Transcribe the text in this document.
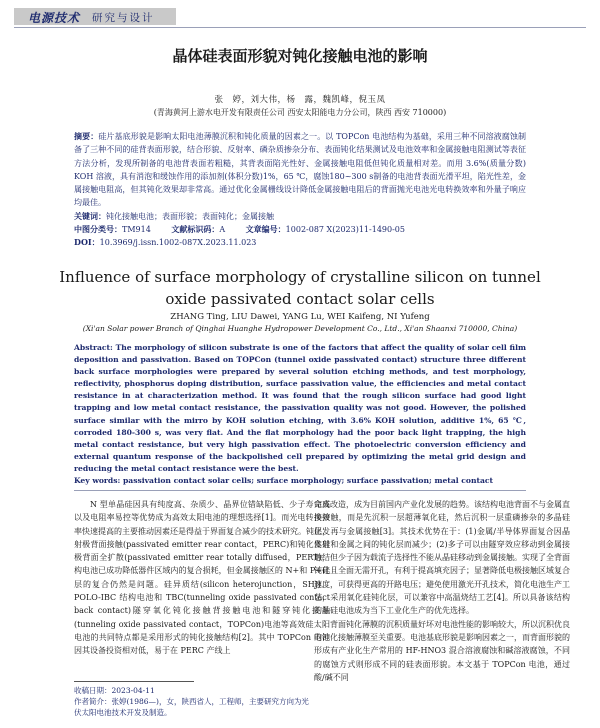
电源技术 研究与设计
晶体硅表面形貌对钝化接触电池的影响
张　婷，刘大伟，杨　露，魏凯峰，倪玉凤
(青海黄河上游水电开发有限责任公司 西安太阳能电力分公司，陕西 西安 710000)

摘要：硅片基底形貌是影响太阳电池薄膜沉积和钝化质量的因素之一。以 TOPCon 电池结构为基础，采用三种不同溶液腐蚀制备了三种不同的硅背表面形貌，结合形貌、反射率、磷杂质掺杂分布、表面钝化结果测试及电池效率和金属接触电阻测试等表征方法分析，发现所制备的电池背表面若粗糙，其背表面陷光性好、金属接触电阻低但钝化质量相对差。而用 3.6%(质量分数) KOH 溶液，具有消泡和缓蚀作用的添加剂(体积分数)1%，65 ℃，腐蚀180~300 s制备的电池背表面光滑平坦，陷光性差，金属接触电阻高，但其钝化效果却非常高。通过优化金属栅线设计降低金属接触电阻后的背面抛光电池光电转换效率和外量子响应均最佳。

关键词：钝化接触电池；表面形貌；表面钝化；金属接触

中图分类号：TM914	文献标识码：A	文章编号：1002-087 X(2023)11-1490-05

DOI：10.3969/j.issn.1002-087X.2023.11.023

Influence of surface morphology of crystalline silicon on tunnel oxide passivated contact solar cells
ZHANG Ting, LIU Dawei, YANG Lu, WEI Kaifeng, NI Yufeng
(Xi'an Solar power Branch of Qinghai Huanghe Hydropower Development Co., Ltd., Xi'an Shaanxi 710000, China)

Abstract: The morphology of silicon substrate is one of the factors that affect the quality of solar cell film deposition and passivation. Based on TOPCon (tunnel oxide passivated contact) structure three different back surface morphologies were prepared by several solution etching methods, and test morphology, reflectivity, phosphorus doping distribution, surface passivation value, the efficiencies and metal contact resistance in at characterization method. It was found that the rough silicon surface had good light trapping and low metal contact resistance, the passivation quality was not good. However, the polished surface similar with the mirro by KOH solution etching, with 3.6% KOH solution, additive 1%, 65 ℃, corroded 180-300 s, was very flat. And the flat morphology had the poor back light trapping, the high metal contact resistance, but very high passivation effect. The photoelectric conversion efficiency and external quantum response of the backpolished cell prepared by optimizing the metal grid design and reducing the metal contact resistance were the best.

Key words: passivation contact solar cells; surface morphology; surface passivation; metal contact

N 型单晶硅因具有纯度高、杂质少、晶界位错缺陷低、少子寿命高以及电阻率易控等优势成为高效太阳电池的理想选择[1]。而光电转换效率快速提高的主要推动因素还是得益于界面复合减少的技术研究。钝化发射极背面接触(passivated emitter rear contact，PERC)和钝化发射极背面全扩散(passivated emitter rear totally diffused，PERT)结构电池已成功降低器件区域内的复合损耗，但金属接触区的 N+和 P+硅层的复合仍然是问题。硅异质结(silicon heterojunction，SHJ)、POLO-IBC 结构电池和 TBC(tunneling oxide passivated contact back contact)隧穿氧化钝化接触背接触电池和隧穿钝化接触(tunneling oxide passivated contact，TOPCon)电池等高效硅太阳电池的共同特点都是采用形式的钝化接触结构[2]。其中 TOPCon 电池因其设备投资相对低，易于在 PERC 产线上

完成改造，成为目前国内产业化发展的趋势。该结构电池背面不与金属直接接触，而是先沉积一层超薄氧化硅，然后沉积一层重磷掺杂的多晶硅层，再与金属接触[3]。其技术优势在于：(1)金属/半导体界面复合因晶体硅和金属之间的钝化层而减少；(2)多子可以由隧穿效应移动到金属接触，但少子因为载流子选择性不能从晶硅移动到金属接触。实现了全背面钝化且全面无需开孔，有利于提高填充因子；显著降低电极接触区域复合速度，可获得更高的开路电压；避免使用激光开孔技术，简化电池生产工艺，采用氧化硅钝化层，可以兼容中高温烧结工艺[4]。所以具备该结构的晶硅电池成为当下工业化生产的优先选择。

背面钝化薄膜的沉积质量好坏对电池性能的影响较大，所以沉积优良的钝化接触薄膜至关重要。电池基底形貌是影响因素之一，而背面形貌的形成有产业化生产常用的 HF-HNO3 混合溶液腐蚀和碱溶液腐蚀，不同的腐蚀方式则形成不同的硅表面形貌。本文基于 TOPCon 电池，通过酸/碱不同

收稿日期：2023-04-11

作者简介：张婷(1986—)，女，陕西省人，工程师，主要研究方向为光伏太阳电池技术开发及制造。
